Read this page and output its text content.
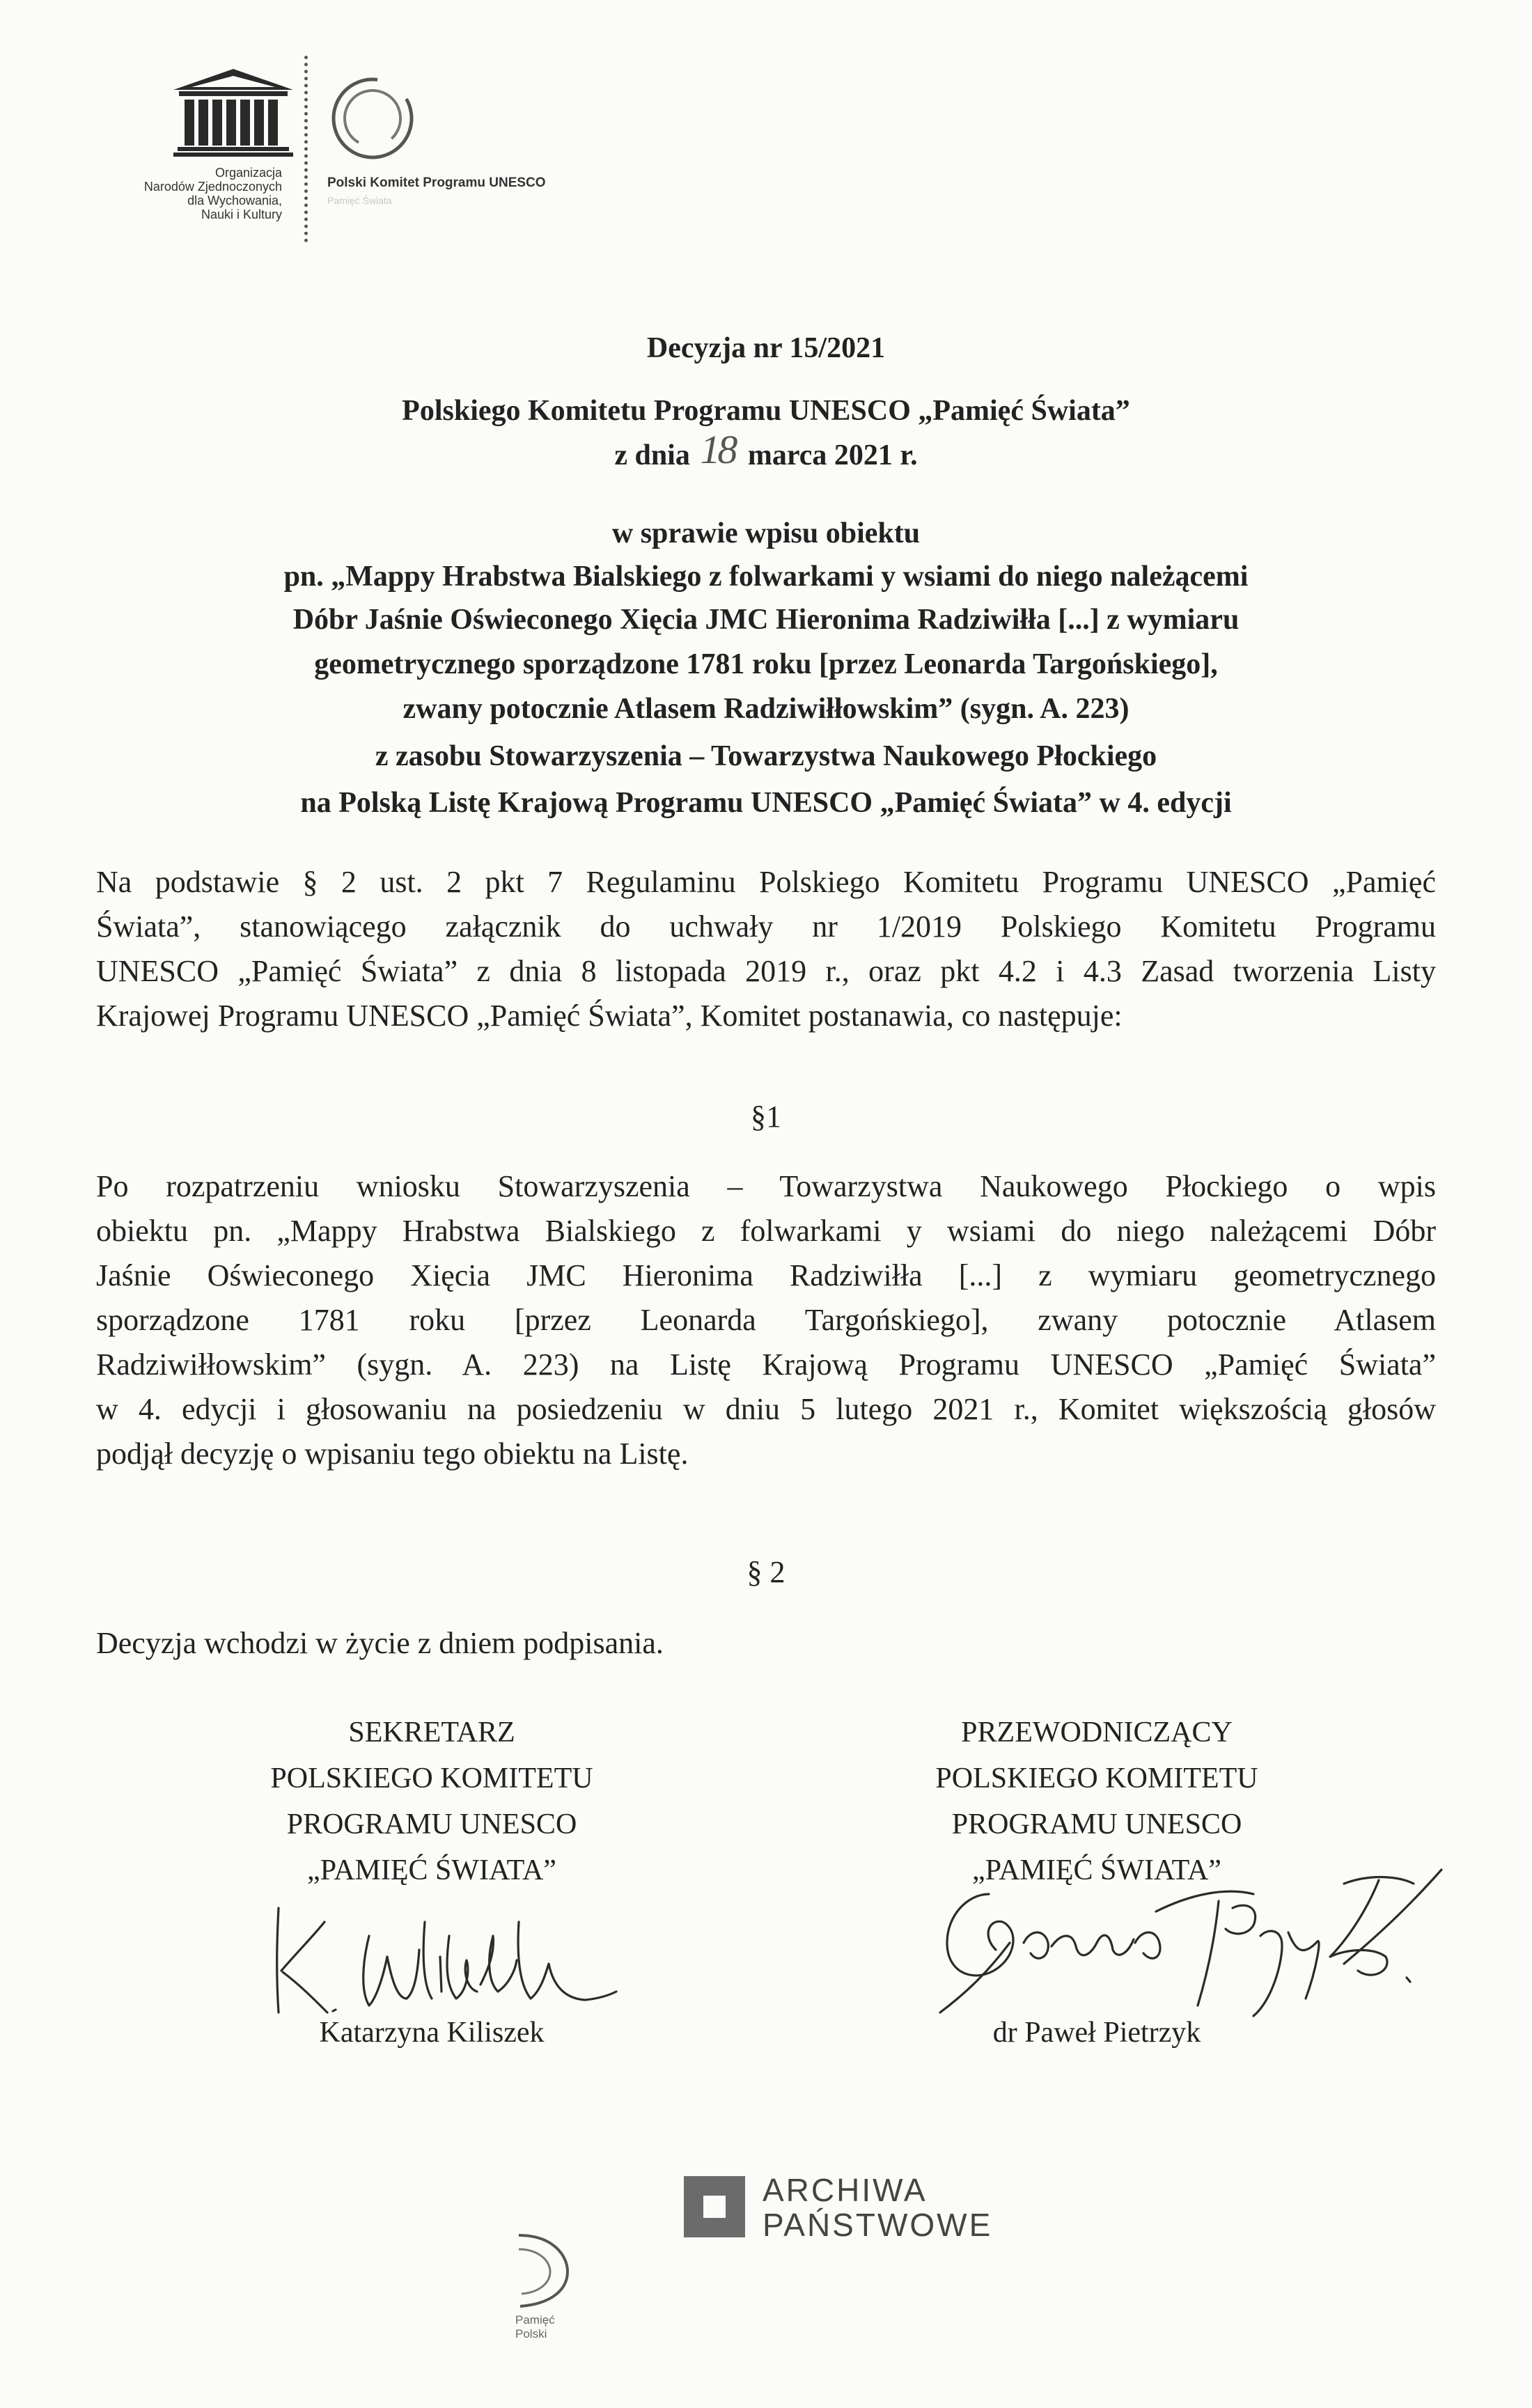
Organizacja
Narodów Zjednoczonych
dla Wychowania,
Nauki i Kultury
Polski Komitet Programu UNESCO
Pamięć Świata
Decyzja nr 15/2021
Polskiego Komitetu Programu UNESCO „Pamięć Świata”
z dnia 18 marca 2021 r.
w sprawie wpisu obiektu
pn. „Mappy Hrabstwa Bialskiego z folwarkami y wsiami do niego należącemi
Dóbr Jaśnie Oświeconego Xięcia JMC Hieronima Radziwiłła [...] z wymiaru
geometrycznego sporządzone 1781 roku [przez Leonarda Targońskiego],
zwany potocznie Atlasem Radziwiłłowskim” (sygn. A. 223)
z zasobu Stowarzyszenia – Towarzystwa Naukowego Płockiego
na Polską Listę Krajową Programu UNESCO „Pamięć Świata” w 4. edycji
Na podstawie § 2 ust. 2 pkt 7 Regulaminu Polskiego Komitetu Programu UNESCO „Pamięć
Świata”, stanowiącego załącznik do uchwały nr 1/2019 Polskiego Komitetu Programu
UNESCO „Pamięć Świata” z dnia 8 listopada 2019 r., oraz pkt 4.2 i 4.3 Zasad tworzenia Listy
Krajowej Programu UNESCO „Pamięć Świata”, Komitet postanawia, co następuje:
§1
Po rozpatrzeniu wniosku Stowarzyszenia – Towarzystwa Naukowego Płockiego o wpis
obiektu pn. „Mappy Hrabstwa Bialskiego z folwarkami y wsiami do niego należącemi Dóbr
Jaśnie Oświeconego Xięcia JMC Hieronima Radziwiłła [...] z wymiaru geometrycznego
sporządzone 1781 roku [przez Leonarda Targońskiego], zwany potocznie Atlasem
Radziwiłłowskim” (sygn. A. 223) na Listę Krajową Programu UNESCO „Pamięć Świata”
w 4. edycji i głosowaniu na posiedzeniu w dniu 5 lutego 2021 r., Komitet większością głosów
podjął decyzję o wpisaniu tego obiektu na Listę.
§ 2
Decyzja wchodzi w życie z dniem podpisania.
SEKRETARZ
POLSKIEGO KOMITETU
PROGRAMU UNESCO
„PAMIĘĆ ŚWIATA”
PRZEWODNICZĄCY
POLSKIEGO KOMITETU
PROGRAMU UNESCO
„PAMIĘĆ ŚWIATA”
Katarzyna Kiliszek	dr Paweł Pietrzyk
Pamięć
Polski
ARCHIWA
PAŃSTWOWE
